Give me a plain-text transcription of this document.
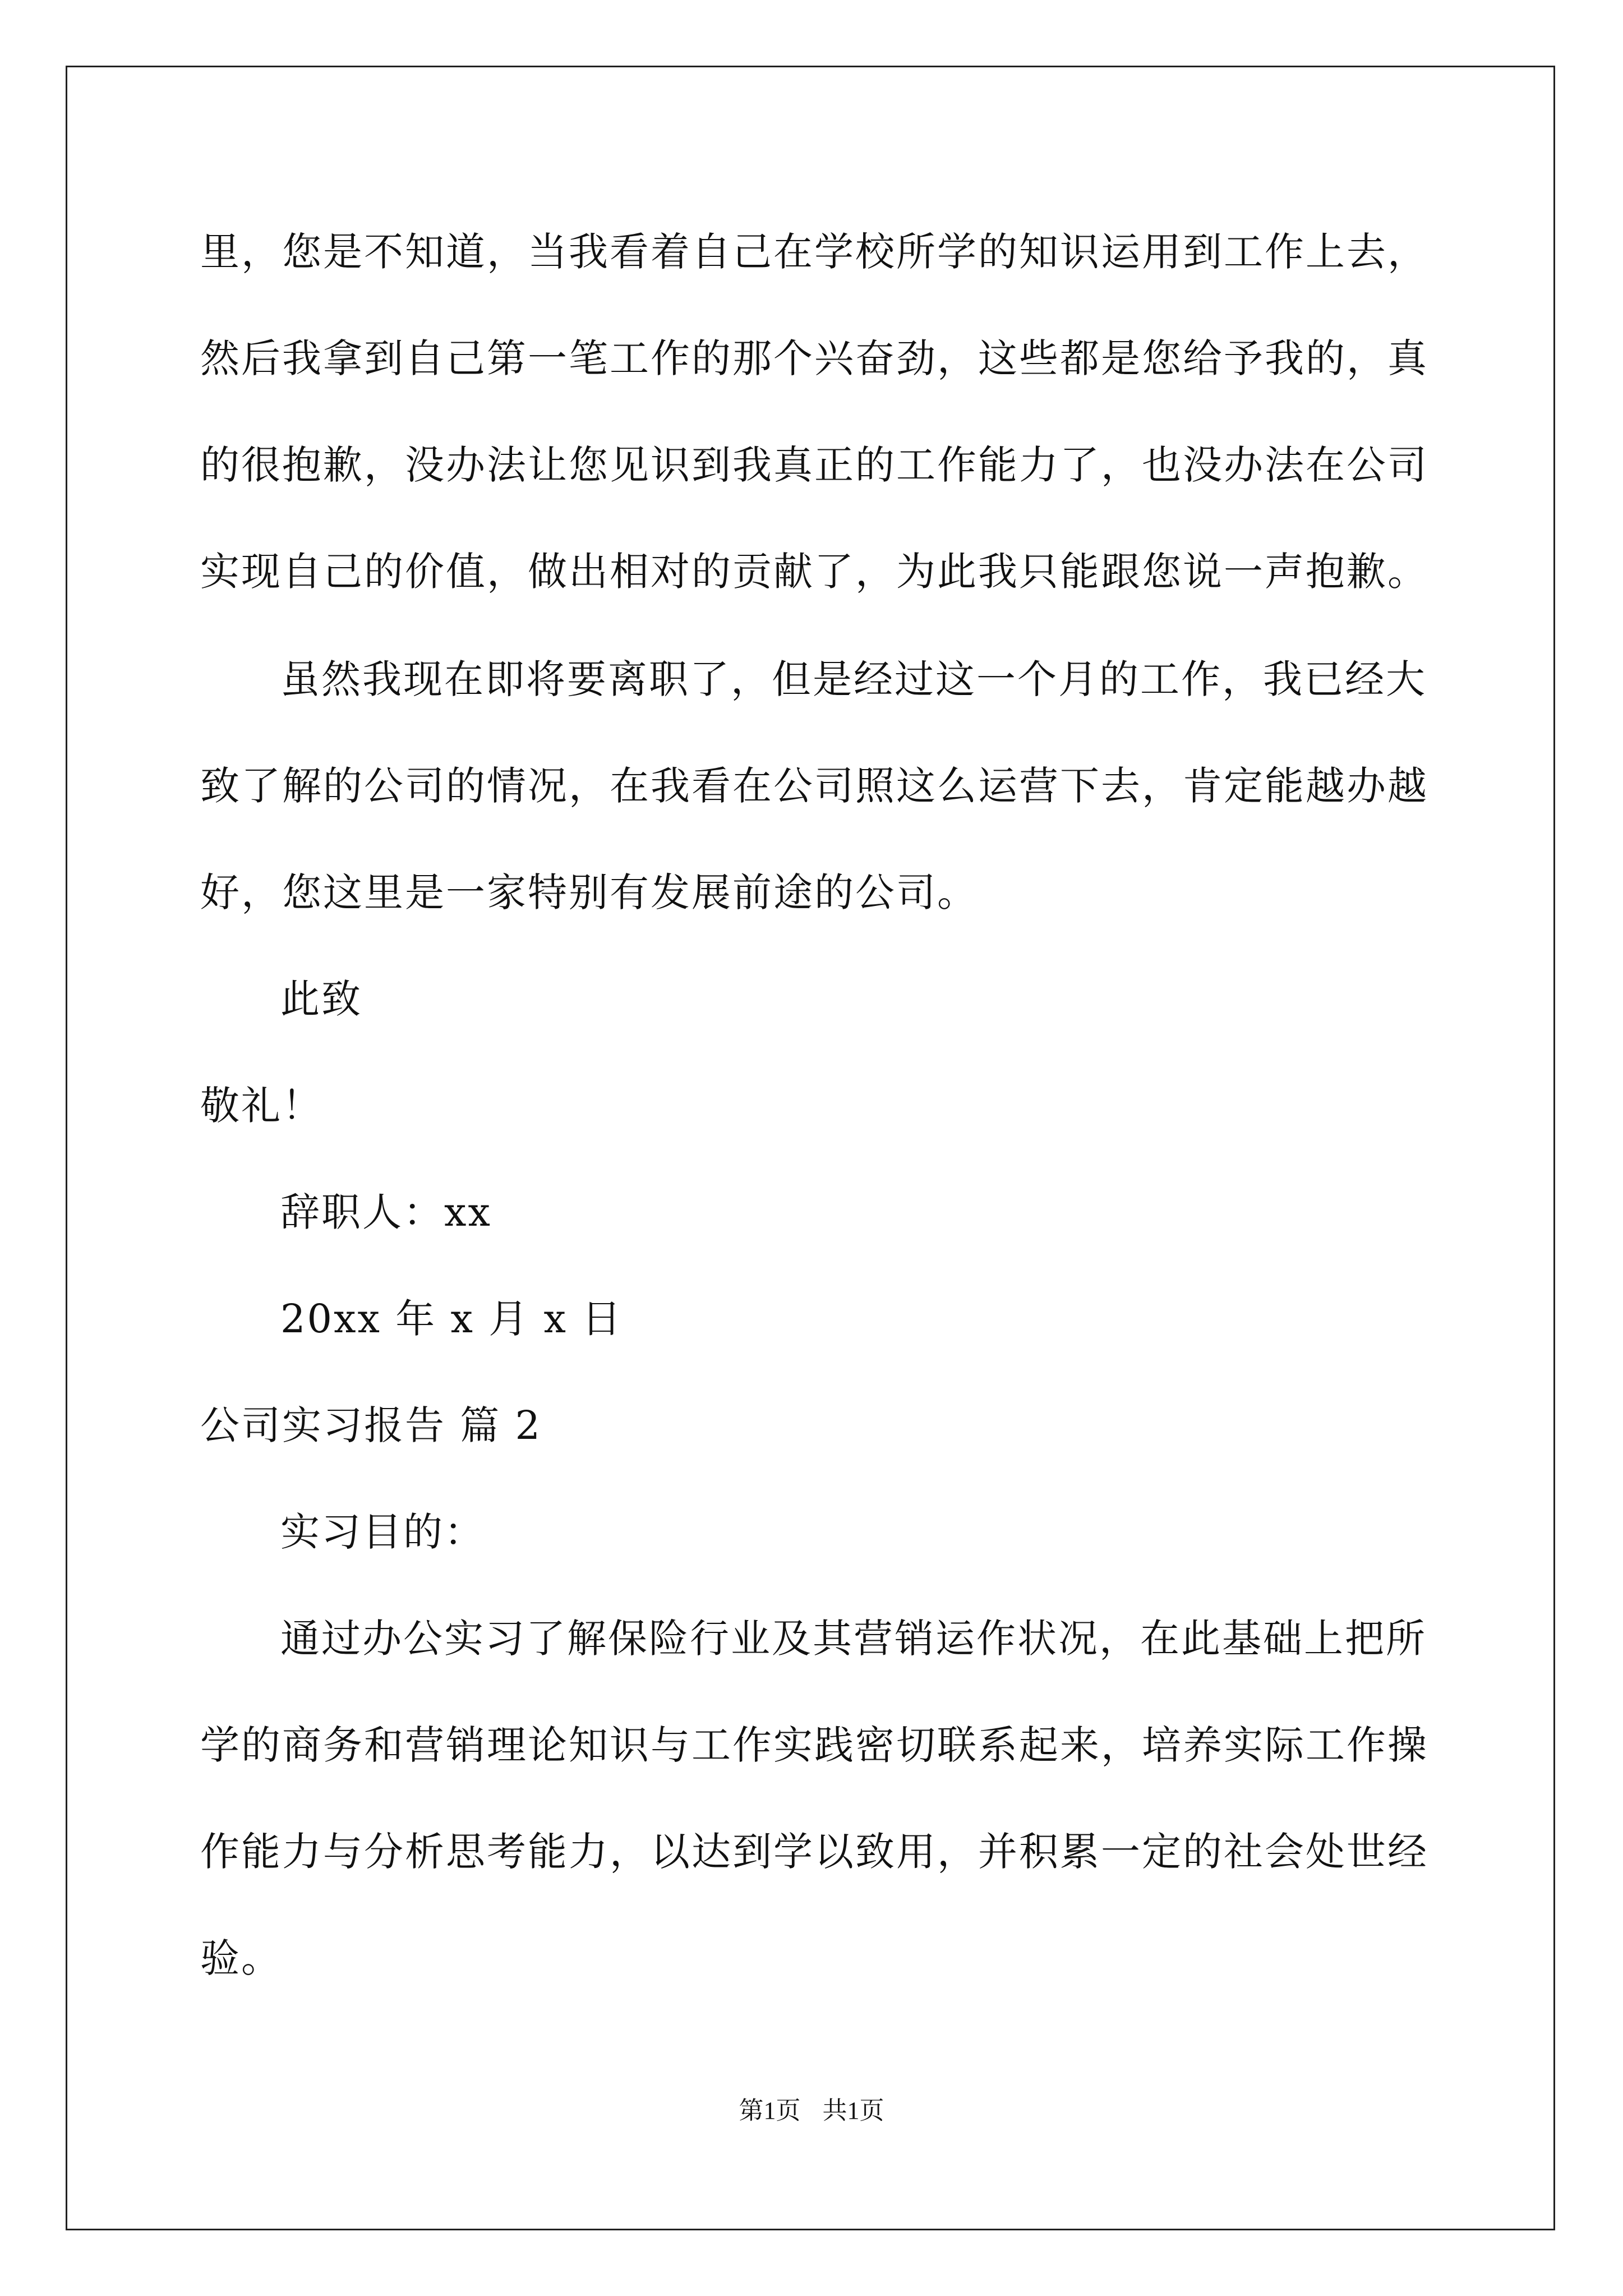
里，您是不知道，当我看着自己在学校所学的知识运用到工作上去，
然后我拿到自己第一笔工作的那个兴奋劲，这些都是您给予我的，真
的很抱歉，没办法让您见识到我真正的工作能力了，也没办法在公司
实现自己的价值，做出相对的贡献了，为此我只能跟您说一声抱歉。
虽然我现在即将要离职了，但是经过这一个月的工作，我已经大
致了解的公司的情况，在我看在公司照这么运营下去，肯定能越办越
好，您这里是一家特别有发展前途的公司。
此致
敬礼！
辞职人：xx
20xx 年 x 月 x 日
公司实习报告 篇 2
实习目的：
通过办公实习了解保险行业及其营销运作状况，在此基础上把所
学的商务和营销理论知识与工作实践密切联系起来，培养实际工作操
作能力与分析思考能力，以达到学以致用，并积累一定的社会处世经
验。
第1页 共1页
